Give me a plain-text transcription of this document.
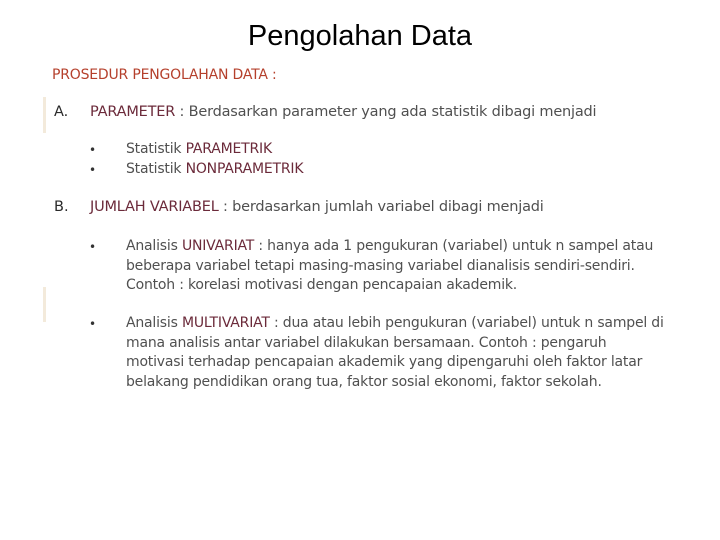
Pengolahan Data
PROSEDUR PENGOLAHAN DATA :
A. PARAMETER : Berdasarkan parameter yang ada statistik dibagi menjadi
• Statistik PARAMETRIK
• Statistik NONPARAMETRIK
B. JUMLAH VARIABEL : berdasarkan jumlah variabel dibagi menjadi
• Analisis UNIVARIAT : hanya ada 1 pengukuran (variabel) untuk n sampel atau beberapa variabel tetapi masing-masing variabel dianalisis sendiri-sendiri. Contoh : korelasi motivasi dengan pencapaian akademik.
• Analisis MULTIVARIAT : dua atau lebih pengukuran (variabel) untuk n sampel di mana analisis antar variabel dilakukan bersamaan. Contoh : pengaruh motivasi terhadap pencapaian akademik yang dipengaruhi oleh faktor latar belakang pendidikan orang tua, faktor sosial ekonomi, faktor sekolah.
